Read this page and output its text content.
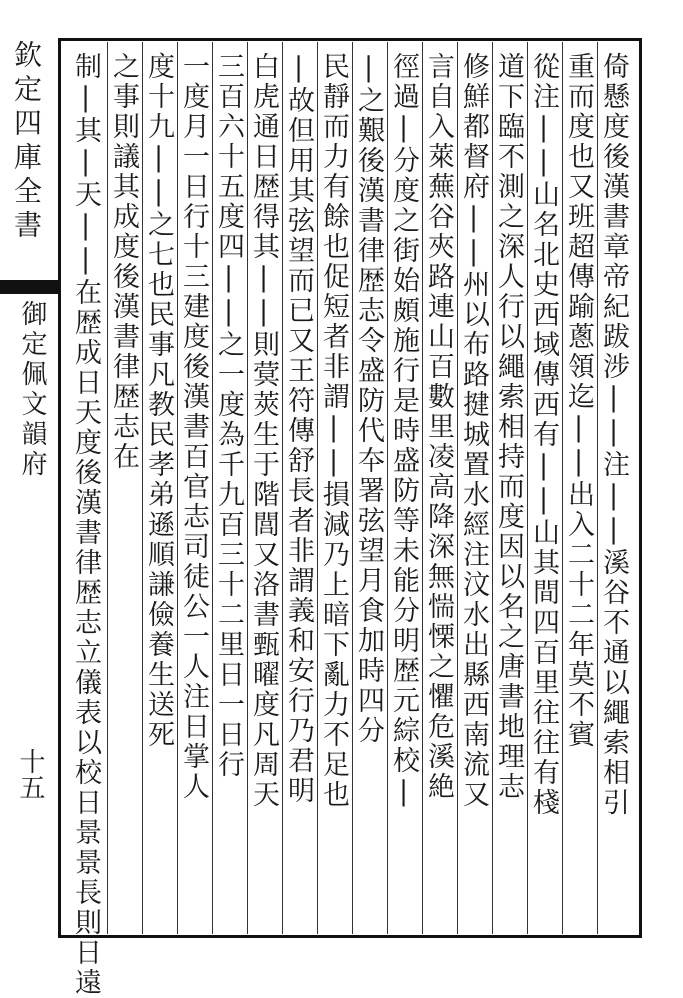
欽定四庫全書
御定佩文韻府
十五	倚懸度後漢書章帝紀跋涉||注||溪谷不通以繩索相引
重而度也又班超傳踰蔥領迄||出入二十二年莫不賓
從注||山名北史西域傳西有||山其間四百里往往有棧
道下臨不測之深人行以繩索相持而度因以名之唐書地理志
修鮮都督府||州以布路揵城置水經注汶水出縣西南流又
言自入萊蕪谷夾路連山百數里凌高降深無惴慄之懼危溪絶
徑過|分度之街始頗施行是時盛防等未能分明歴元綜校|
|之艱後漢書律歴志令盛防代夲署弦望月食加時四分
民靜而力有餘也促短者非謂||損減乃上暗下亂力不足也
|故但用其弦望而已又王符傳舒長者非謂義和安行乃君明
白虎通日歴得其||則蓂莢生于階閭又洛書甄曜度凡周天
三百六十五度四||之一度為千九百三十二里日一日行
一度月一日行十三建度後漢書百官志司徒公一人注日掌人
度十九||之七也民事凡教民孝弟遜順謙儉養生送死
之事則議其成度後漢書律歴志在
制|其|天||在歴成日天度後漢書律歴志立儀表以校日景景長則日遠
